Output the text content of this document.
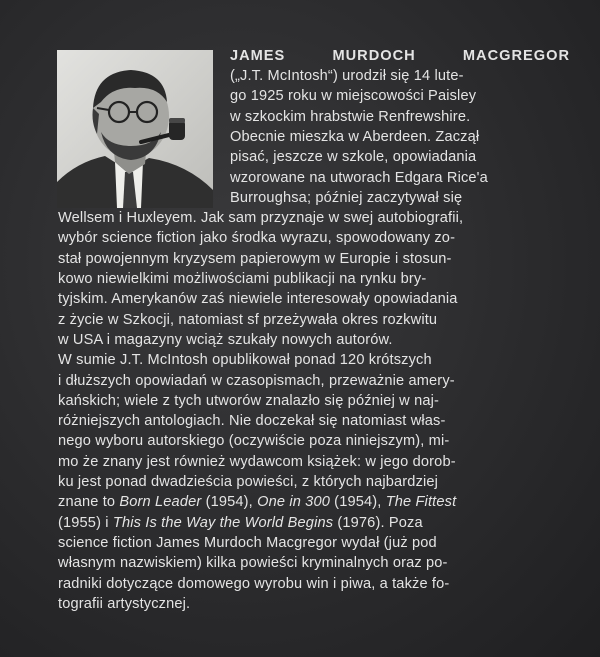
JAMES MURDOCH MACGREGOR
(„J.T. McIntosh“) urodził się 14 lute-
go 1925 roku w miejscowości Paisley
w szkockim hrabstwie Renfrewshire.
Obecnie mieszka w Aberdeen. Zaczął
pisać, jeszcze w szkole, opowiadania
wzorowane na utworach Edgara Rice'a
Burroughsa; później zaczytywał się
Wellsem i Huxleyem. Jak sam przyznaje w swej autobiografii,
wybór science fiction jako środka wyrazu, spowodowany zo-
stał powojennym kryzysem papierowym w Europie i stosun-
kowo niewielkimi możliwościami publikacji na rynku bry-
tyjskim. Amerykanów zaś niewiele interesowały opowiadania
z życie w Szkocji, natomiast sf przeżywała okres rozkwitu
w USA i magazyny wciąż szukały nowych autorów.
W sumie J.T. McIntosh opublikował ponad 120 krótszych
i dłuższych opowiadań w czasopismach, przeważnie amery-
kańskich; wiele z tych utworów znalazło się później w naj-
różniejszych antologiach. Nie doczekał się natomiast włas-
nego wyboru autorskiego (oczywiście poza niniejszym), mi-
mo że znany jest również wydawcom książek: w jego dorob-
ku jest ponad dwadzieścia powieści, z których najbardziej
znane to Born Leader (1954), One in 300 (1954), The Fittest
(1955) i This Is the Way the World Begins (1976). Poza
science fiction James Murdoch Macgregor wydał (już pod
własnym nazwiskiem) kilka powieści kryminalnych oraz po-
radniki dotyczące domowego wyrobu win i piwa, a także fo-
tografii artystycznej.
